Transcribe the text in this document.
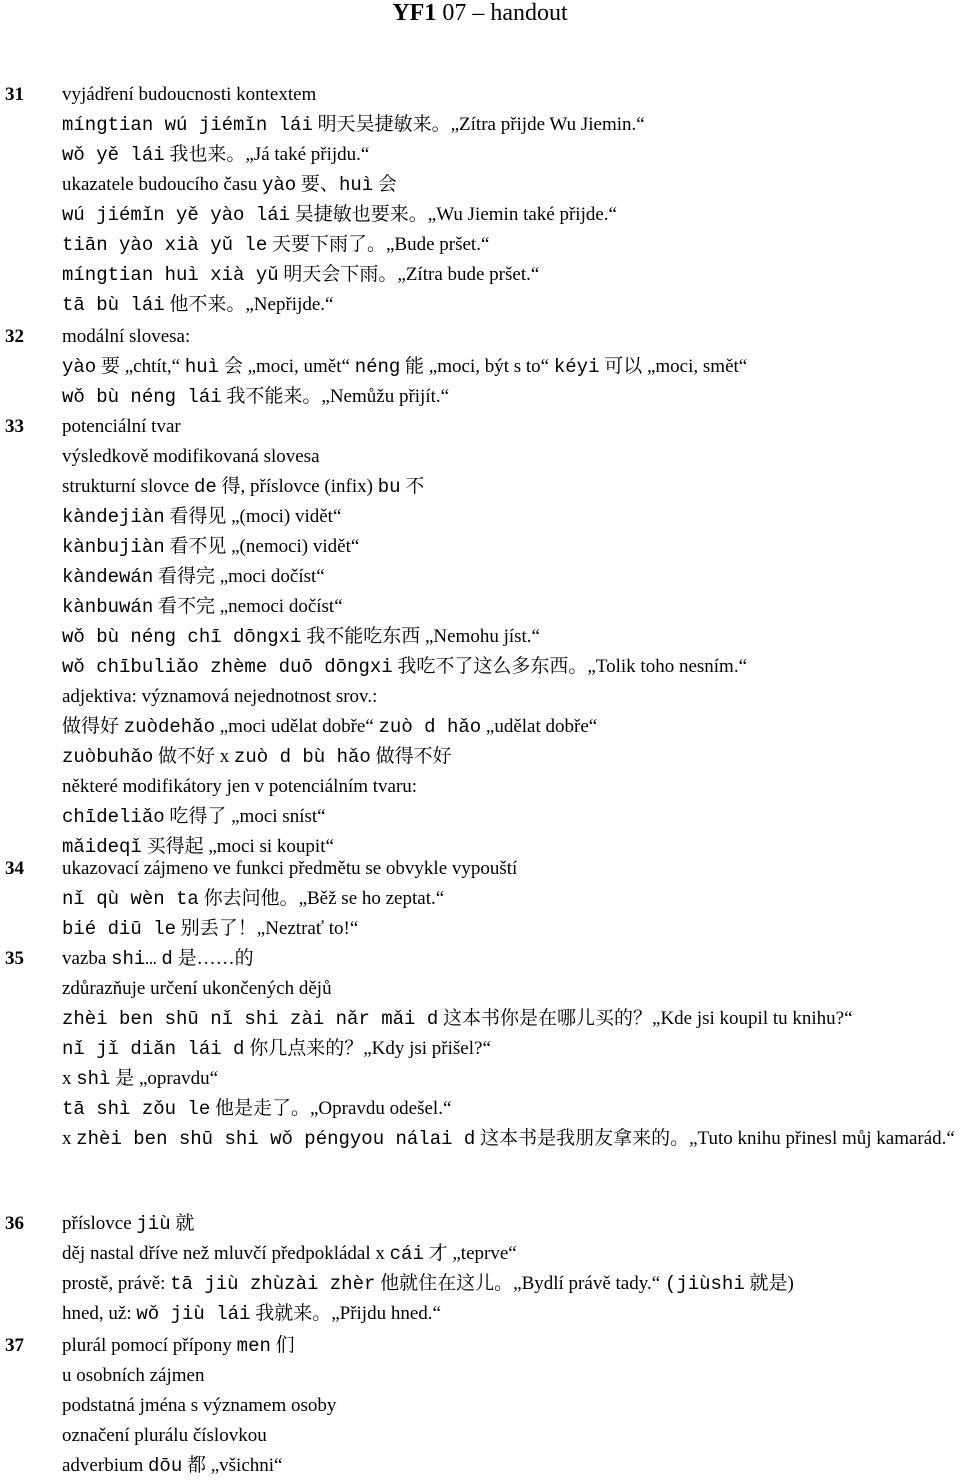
YF1 07 – handout
31 vyjádření budoucnosti kontextem
míngtian wú jiémǐn lái 明天吴捷敏来。„Zítra přijde Wu Jiemin.“
wǒ yě lái 我也来。„Já také přijdu.“
ukazatele budoucího času yào 要、huì 会
wú jiémǐn yě yào lái 吴捷敏也要来。„Wu Jiemin také přijde.“
tiān yào xià yǔ le 天要下雨了。„Bude pršet.“
míngtian huì xià yǔ 明天会下雨。„Zítra bude pršet.“
tā bù lái 他不来。„Nepřijde.“
32 modální slovesa:
yào 要 „chtít,“ huì 会 „moci, umět“ néng 能 „moci, být s to“ kéyi 可以 „moci, smět“
wǒ bù néng lái 我不能来。„Nemůžu přijít.“
33 potenciální tvar
výsledkově modifikovaná slovesa
strukturní slovce de 得, příslovce (infix) bu 不
kàndejiàn 看得见 „(moci) vidět“
kànbujiàn 看不见 „(nemoci) vidět“
kàndewán 看得完 „moci dočíst“
kànbuwán 看不完 „nemoci dočíst“
wǒ bù néng chī dōngxi 我不能吃东西 „Nemohu jíst.“
wǒ chībuliǎo zhème duō dōngxi 我吃不了这么多东西。„Tolik toho nesním.“
adjektiva: významová nejednotnost srov.:
做得好 zuòdehǎo „moci udělat dobře“ zuò d hǎo „udělat dobře“
zuòbuhǎo 做不好 x zuò d bù hǎo 做得不好
některé modifikátory jen v potenciálním tvaru:
chīdeliǎo 吃得了 „moci sníst“
mǎideqǐ 买得起 „moci si koupit“
34 ukazovací zájmeno ve funkci předmětu se obvykle vypouští
nǐ qù wèn ta 你去问他。„Běž se ho zeptat.“
bié diū le 别丢了！„Neztrať to!“
35 vazba shi… d 是……的
zdůrazňuje určení ukončených dějů
zhèi ben shū nǐ shi zài nǎr mǎi d 这本书你是在哪儿买的？„Kde jsi koupil tu knihu?“
nǐ jǐ diǎn lái d 你几点来的？„Kdy jsi přišel?“
x shì 是 „opravdu“
tā shì zǒu le 他是走了。„Opravdu odešel.“
x zhèi ben shū shi wǒ péngyou nálai d 这本书是我朋友拿来的。„Tuto knihu přinesl můj kamarád.“
36 příslovce jiù 就
děj nastal dříve než mluvčí předpokládal x cái 才 „teprve“
prostě, právě: tā jiù zhùzài zhèr 他就住在这儿。„Bydlí právě tady.“ (jiùshi 就是)
hned, už: wǒ jiù lái 我就来。„Přijdu hned.“
37 plurál pomocí přípony men 们
u osobních zájmen
podstatná jména s významem osoby
označení plurálu číslovkou
adverbium dōu 都 „všichni“
